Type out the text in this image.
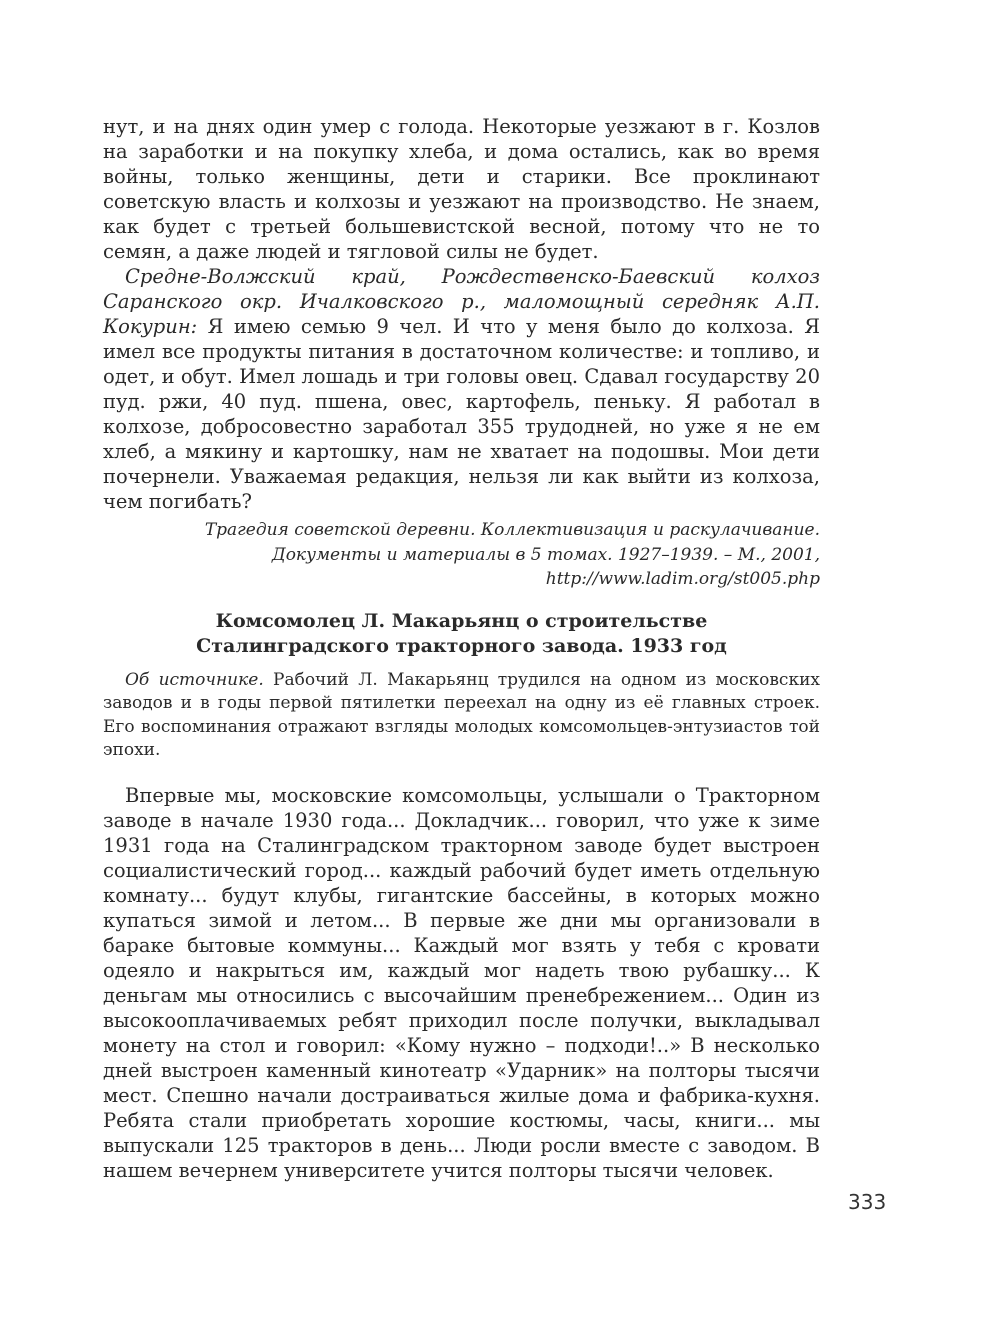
нут, и на днях один умер с голода. Некоторые уезжают в г. Козлов на заработки и на покупку хлеба, и дома остались, как во время войны, только женщины, дети и старики. Все проклинают советскую власть и колхозы и уезжают на производство. Не знаем, как будет с третьей большевистской весной, потому что не то семян, а даже людей и тягловой силы не будет.

Средне-Волжский край, Рождественско-Баевский колхоз Саранского окр. Ичалковского р., маломощный середняк А.П. Кокурин: Я имею семью 9 чел. И что у меня было до колхоза. Я имел все продукты питания в достаточном количестве: и топливо, и одет, и обут. Имел лошадь и три головы овец. Сдавал государству 20 пуд. ржи, 40 пуд. пшена, овес, картофель, пеньку. Я работал в колхозе, добросовестно заработал 355 трудодней, но уже я не ем хлеб, а мякину и картошку, нам не хватает на подошвы. Мои дети почернели. Уважаемая редакция, нельзя ли как выйти из колхоза, чем погибать?

Трагедия советской деревни. Коллективизация и раскулачивание.
Документы и материалы в 5 томах. 1927–1939. – М., 2001,
http://www.ladim.org/st005.php
Комсомолец Л. Макарьянц о строительстве
Сталинградского тракторного завода. 1933 год

Об источнике. Рабочий Л. Макарьянц трудился на одном из московских заводов и в годы первой пятилетки переехал на одну из её главных строек. Его воспоминания отражают взгляды молодых комсомольцев-энтузиастов той эпохи.

Впервые мы, московские комсомольцы, услышали о Тракторном заводе в начале 1930 года... Докладчик... говорил, что уже к зиме 1931 года на Сталинградском тракторном заводе будет выстроен социалистический город... каждый рабочий будет иметь отдельную комнату... будут клубы, гигантские бассейны, в которых можно купаться зимой и летом... В первые же дни мы организовали в бараке бытовые коммуны... Каждый мог взять у тебя с кровати одеяло и накрыться им, каждый мог надеть твою рубашку... К деньгам мы относились с высочайшим пренебрежением... Один из высокооплачиваемых ребят приходил после получки, выкладывал монету на стол и говорил: «Кому нужно – подходи!..» В несколько дней выстроен каменный кинотеатр «Ударник» на полторы тысячи мест. Спешно начали достраиваться жилые дома и фабрика-кухня. Ребята стали приобретать хорошие костюмы, часы, книги... мы выпускали 125 тракторов в день... Люди росли вместе с заводом. В нашем вечернем университете учится полторы тысячи человек.

333
